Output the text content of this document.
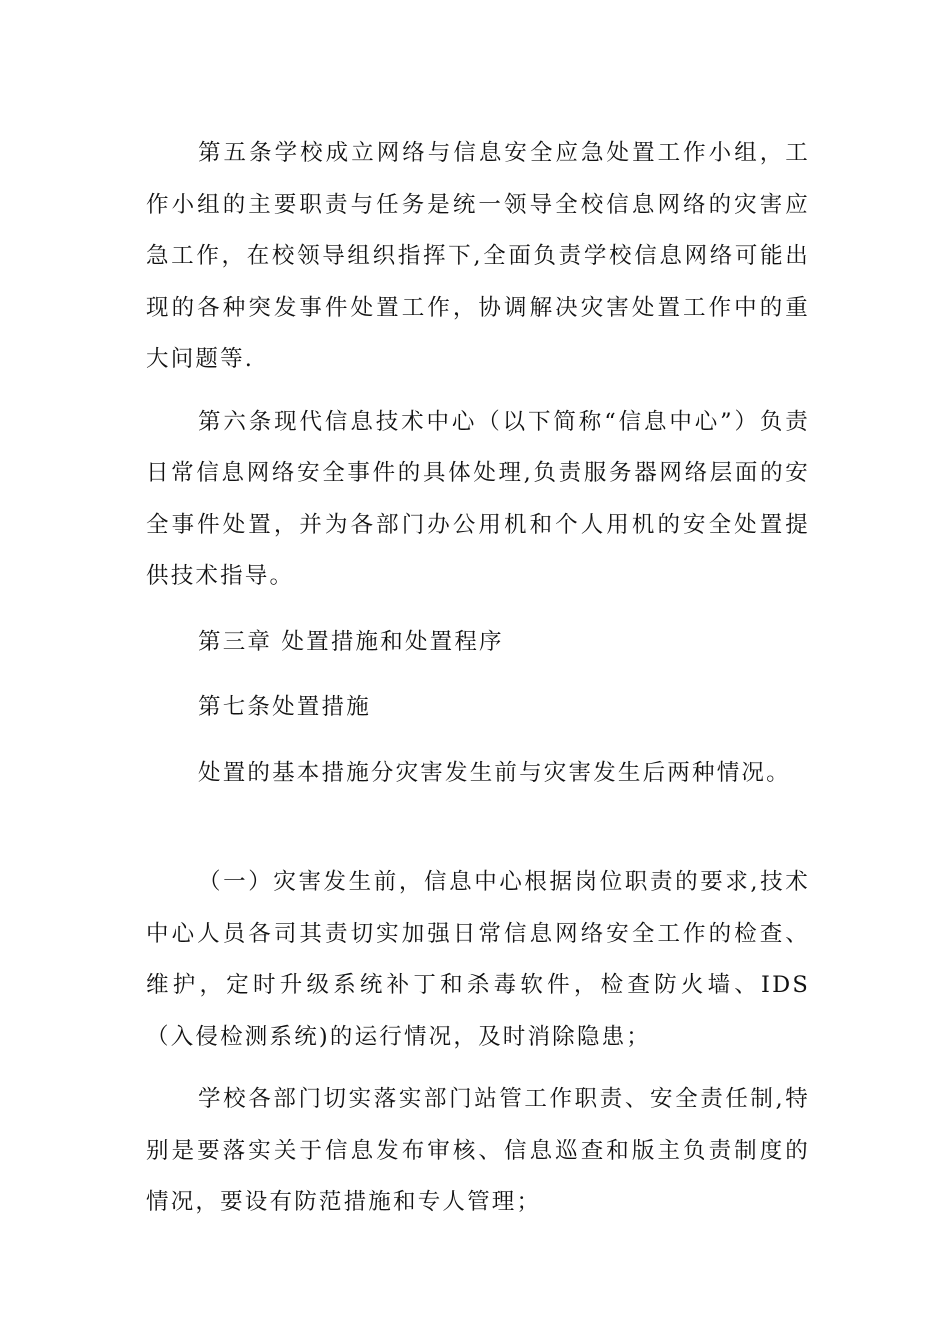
第五条学校成立网络与信息安全应急处置工作小组，工作小组的主要职责与任务是统一领导全校信息网络的灾害应急工作，在校领导组织指挥下,全面负责学校信息网络可能出现的各种突发事件处置工作，协调解决灾害处置工作中的重大问题等.

第六条现代信息技术中心（以下简称“信息中心”）负责日常信息网络安全事件的具体处理,负责服务器网络层面的安全事件处置，并为各部门办公用机和个人用机的安全处置提供技术指导。

第三章 处置措施和处置程序

第七条处置措施

处置的基本措施分灾害发生前与灾害发生后两种情况。

（一）灾害发生前，信息中心根据岗位职责的要求,技术中心人员各司其责切实加强日常信息网络安全工作的检查、维护，定时升级系统补丁和杀毒软件，检查防火墙、IDS（入侵检测系统)的运行情况，及时消除隐患；

学校各部门切实落实部门站管工作职责、安全责任制,特别是要落实关于信息发布审核、信息巡查和版主负责制度的情况，要设有防范措施和专人管理；
